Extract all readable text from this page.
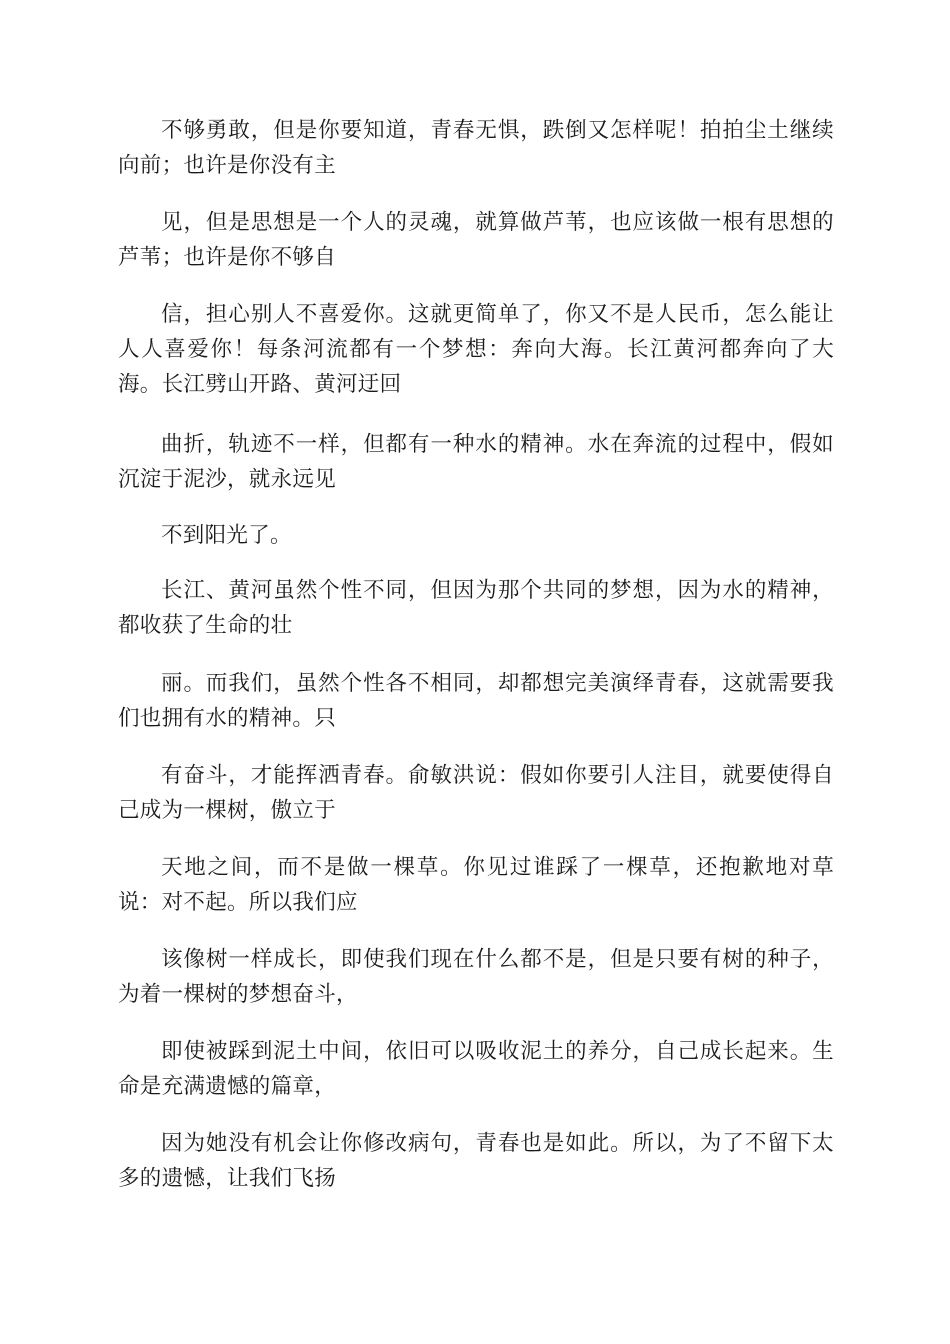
不够勇敢，但是你要知道，青春无惧，跌倒又怎样呢！拍拍尘土继续向前；也许是你没有主

见，但是思想是一个人的灵魂，就算做芦苇，也应该做一根有思想的芦苇；也许是你不够自

信，担心别人不喜爱你。这就更简单了，你又不是人民币，怎么能让人人喜爱你！每条河流都有一个梦想：奔向大海。长江黄河都奔向了大海。长江劈山开路、黄河迂回

曲折，轨迹不一样，但都有一种水的精神。水在奔流的过程中，假如沉淀于泥沙，就永远见

不到阳光了。

长江、黄河虽然个性不同，但因为那个共同的梦想，因为水的精神，都收获了生命的壮

丽。而我们，虽然个性各不相同，却都想完美演绎青春，这就需要我们也拥有水的精神。只

有奋斗，才能挥洒青春。俞敏洪说：假如你要引人注目，就要使得自己成为一棵树，傲立于

天地之间，而不是做一棵草。你见过谁踩了一棵草，还抱歉地对草说：对不起。所以我们应

该像树一样成长，即使我们现在什么都不是，但是只要有树的种子，为着一棵树的梦想奋斗，

即使被踩到泥土中间，依旧可以吸收泥土的养分，自己成长起来。生命是充满遗憾的篇章，

因为她没有机会让你修改病句，青春也是如此。所以，为了不留下太多的遗憾，让我们飞扬
